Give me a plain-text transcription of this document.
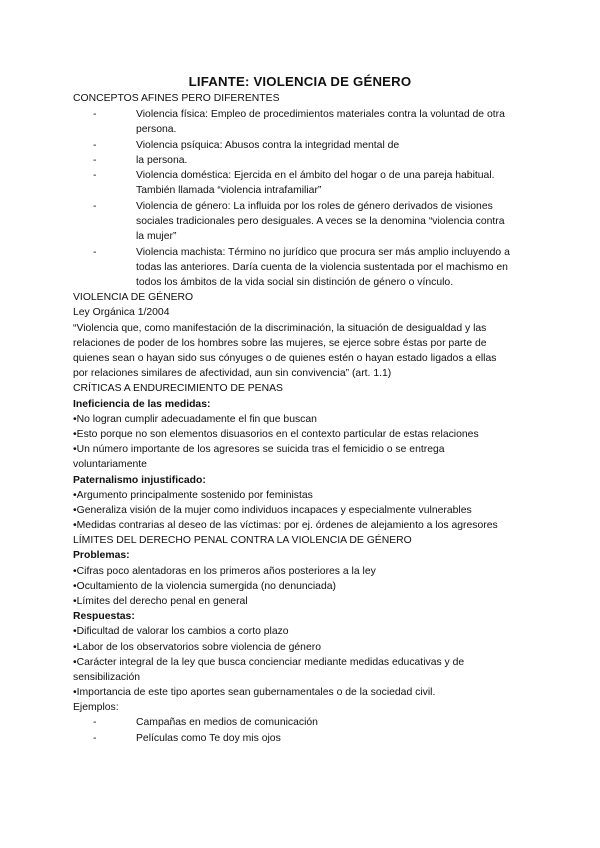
LIFANTE: VIOLENCIA DE GÉNERO
CONCEPTOS AFINES PERO DIFERENTES
-	Violencia física: Empleo de procedimientos materiales contra la voluntad de otra
persona.
-	Violencia psíquica: Abusos contra la integridad mental de
-	la persona.
-	Violencia doméstica: Ejercida en el ámbito del hogar o de una pareja habitual.
También llamada “violencia intrafamiliar”
-	Violencia de género: La influida por los roles de género derivados de visiones
sociales tradicionales pero desiguales. A veces se la denomina “violencia contra
la mujer”
-	Violencia machista: Término no jurídico que procura ser más amplio incluyendo a
todas las anteriores. Daría cuenta de la violencia sustentada por el machismo en
todos los ámbitos de la vida social sin distinción de género o vínculo.
VIOLENCIA DE GÉNERO
Ley Orgánica 1/2004
“Violencia que, como manifestación de la discriminación, la situación de desigualdad y las
relaciones de poder de los hombres sobre las mujeres, se ejerce sobre éstas por parte de
quienes sean o hayan sido sus cónyuges o de quienes estén o hayan estado ligados a ellas
por relaciones similares de afectividad, aun sin convivencia” (art. 1.1)
CRÍTICAS A ENDURECIMIENTO DE PENAS
Ineficiencia de las medidas:
•No logran cumplir adecuadamente el fin que buscan
•Esto porque no son elementos disuasorios en el contexto particular de estas relaciones
•Un número importante de los agresores se suicida tras el femicidio o se entrega
voluntariamente
Paternalismo injustificado:
•Argumento principalmente sostenido por feministas
•Generaliza visión de la mujer como individuos incapaces y especialmente vulnerables
•Medidas contrarias al deseo de las víctimas: por ej. órdenes de alejamiento a los agresores
LÍMITES DEL DERECHO PENAL CONTRA LA VIOLENCIA DE GÉNERO
Problemas:
•Cifras poco alentadoras en los primeros años posteriores a la ley
•Ocultamiento de la violencia sumergida (no denunciada)
•Límites del derecho penal en general
Respuestas:
•Dificultad de valorar los cambios a corto plazo
•Labor de los observatorios sobre violencia de género
•Carácter integral de la ley que busca concienciar mediante medidas educativas y de
sensibilización
•Importancia de este tipo aportes sean gubernamentales o de la sociedad civil.
Ejemplos:
-	Campañas en medios de comunicación
-	Películas como Te doy mis ojos
